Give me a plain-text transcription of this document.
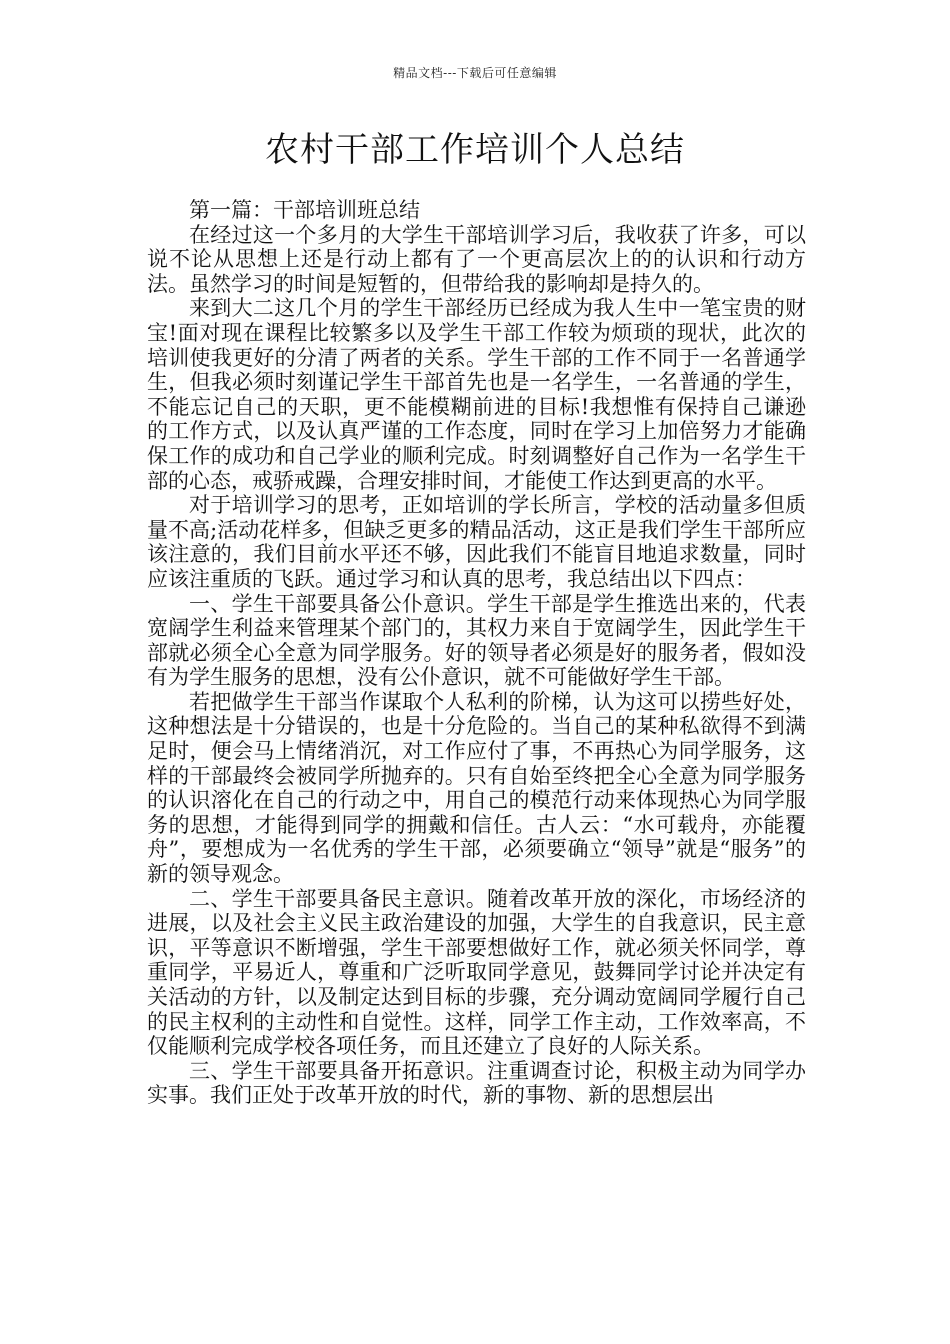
精品文档---下载后可任意编辑
农村干部工作培训个人总结

第一篇：干部培训班总结

在经过这一个多月的大学生干部培训学习后，我收获了许多，可以说不论从思想上还是行动上都有了一个更高层次上的的认识和行动方法。虽然学习的时间是短暂的，但带给我的影响却是持久的。

来到大二这几个月的学生干部经历已经成为我人生中一笔宝贵的财宝!面对现在课程比较繁多以及学生干部工作较为烦琐的现状，此次的培训使我更好的分清了两者的关系。学生干部的工作不同于一名普通学生，但我必须时刻谨记学生干部首先也是一名学生，一名普通的学生，不能忘记自己的天职，更不能模糊前进的目标!我想惟有保持自己谦逊的工作方式，以及认真严谨的工作态度，同时在学习上加倍努力才能确保工作的成功和自己学业的顺利完成。时刻调整好自己作为一名学生干部的心态，戒骄戒躁，合理安排时间，才能使工作达到更高的水平。

对于培训学习的思考，正如培训的学长所言，学校的活动量多但质量不高;活动花样多，但缺乏更多的精品活动，这正是我们学生干部所应该注意的，我们目前水平还不够，因此我们不能盲目地追求数量，同时应该注重质的飞跃。通过学习和认真的思考，我总结出以下四点：

一、学生干部要具备公仆意识。学生干部是学生推选出来的，代表宽阔学生利益来管理某个部门的，其权力来自于宽阔学生，因此学生干部就必须全心全意为同学服务。好的领导者必须是好的服务者，假如没有为学生服务的思想，没有公仆意识，就不可能做好学生干部。

若把做学生干部当作谋取个人私利的阶梯，认为这可以捞些好处，这种想法是十分错误的，也是十分危险的。当自己的某种私欲得不到满足时，便会马上情绪消沉，对工作应付了事，不再热心为同学服务，这样的干部最终会被同学所抛弃的。只有自始至终把全心全意为同学服务的认识溶化在自己的行动之中，用自己的模范行动来体现热心为同学服务的思想，才能得到同学的拥戴和信任。古人云：“水可载舟，亦能覆舟”，要想成为一名优秀的学生干部，必须要确立“领导”就是“服务”的新的领导观念。

二、学生干部要具备民主意识。随着改革开放的深化，市场经济的进展，以及社会主义民主政治建设的加强，大学生的自我意识，民主意识，平等意识不断增强，学生干部要想做好工作，就必须关怀同学，尊重同学，平易近人，尊重和广泛听取同学意见，鼓舞同学讨论并决定有关活动的方针，以及制定达到目标的步骤，充分调动宽阔同学履行自己的民主权利的主动性和自觉性。这样，同学工作主动，工作效率高，不仅能顺利完成学校各项任务，而且还建立了良好的人际关系。

三、学生干部要具备开拓意识。注重调查讨论，积极主动为同学办实事。我们正处于改革开放的时代，新的事物、新的思想层出
